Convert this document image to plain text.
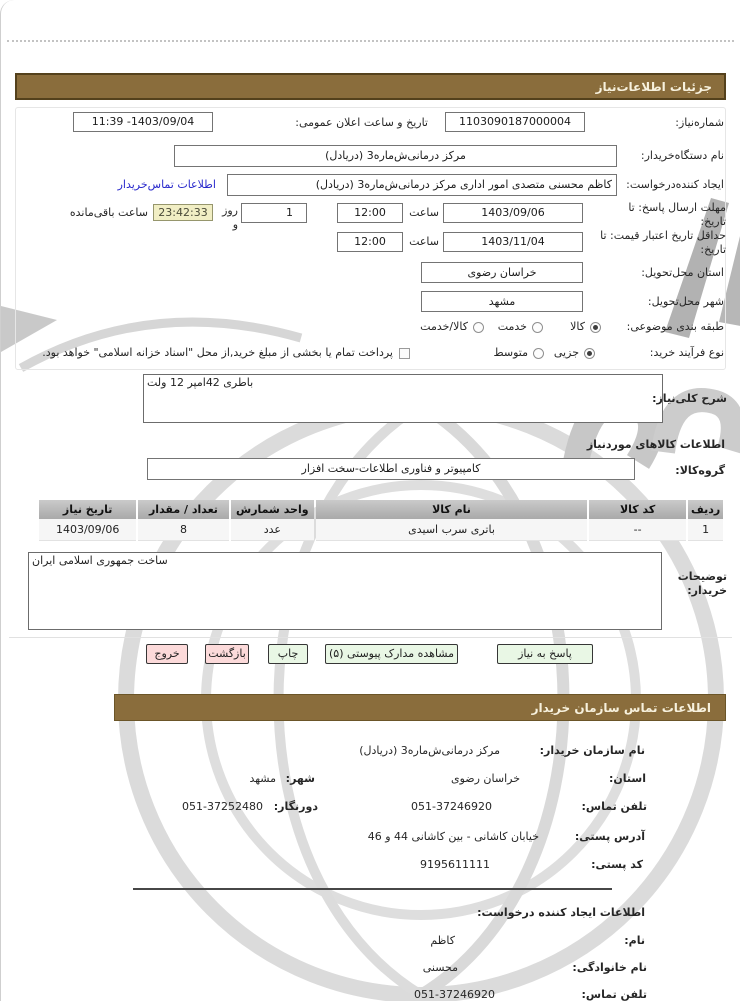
جزئیات اطلاعات‌نیاز
شماره‌نیاز:
1103090187000004
تاریخ و ساعت اعلان عمومی:
11:39 -1403/09/04
نام دستگاه‌خریدار:
مرکز درمانی‌ش‌ماره3 (دریادل)
ایجاد کننده‌درخواست:
کاظم محسنی متصدی امور اداری مرکز درمانی‌ش‌ماره3 (دریادل)
اطلاعات تماس‌خریدار
مهلت ارسال پاسخ: تا تاریخ:
1403/09/06
ساعت
12:00
1
روز و
23:42:33
ساعت باقی‌مانده
حداقل تاریخ اعتبار قیمت: تا تاریخ:
1403/11/04
ساعت
12:00
استان محل‌تحویل:
خراسان رضوی
شهر محل‌تحویل:
مشهد
طبقه بندی موضوعی:
کالا
خدمت
کالا/خدمت
نوع فرآیند خرید:
جزیی
متوسط
پرداخت تمام یا بخشی از مبلغ خرید,از محل "اسناد خزانه اسلامی" خواهد بود.
باطری 42امپر 12 ولت
شرح کلی‌نیاز:
اطلاعات کالاهای موردنیاز
گروه‌کالا:
کامپیوتر و فناوری اطلاعات-سخت افزار
ردیف	کد کالا	نام کالا	واحد شمارش	تعداد / مقدار	تاریخ نیاز
1	--	باتری سرب اسیدی	عدد	8	1403/09/06
ساخت جمهوری اسلامی ایران
توضیحات خریدار:
پاسخ به نیاز
مشاهده مدارک پیوستی (۵)
چاپ
بازگشت
خروج
اطلاعات تماس سازمان خریدار
نام سازمان خریدار:
مرکز درمانی‌ش‌ماره3 (دریادل)
استان:
خراسان رضوی
شهر:
مشهد
تلفن تماس:
051-37246920
دورنگار:
051-37252480
آدرس پستی:
خیابان کاشانی - بین کاشانی 44 و 46
کد پستی:
9195611111
اطلاعات ایجاد کننده درخواست:
نام:
کاظم
نام خانوادگی:
محسنی
تلفن تماس:
051-37246920
